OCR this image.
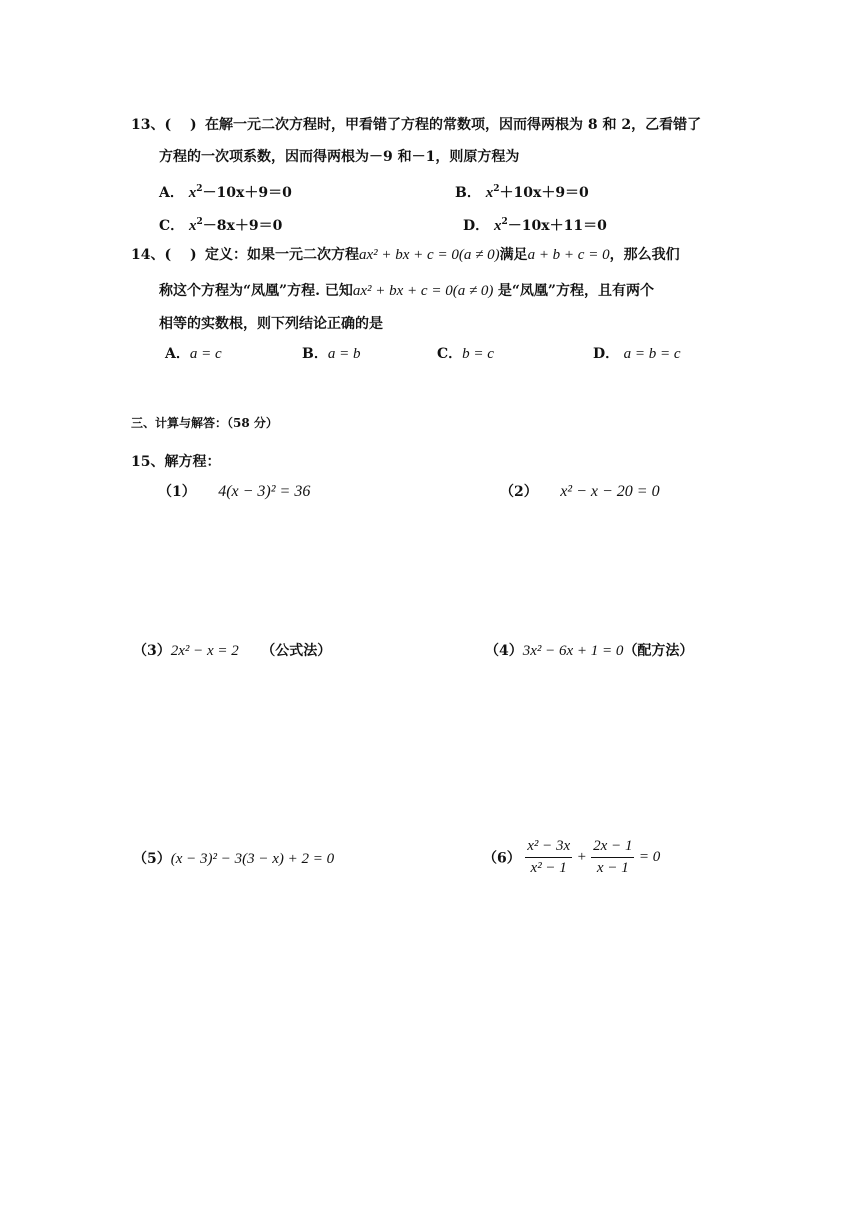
13、(　 ) 在解一元二次方程时，甲看错了方程的常数项，因而得两根为 8 和 2，乙看错了
方程的一次项系数，因而得两根为－9 和－1，则原方程为
A． $x^2-10x+9=0$	B． $x^2+10x+9=0$
C． $x^2-8x+9=0$	D． $x^2-10x+11=0$
14、(　 ) 定义：如果一元二次方程ax² + bx + c = 0(a ≠ 0)满足a + b + c = 0，那么我们
称这个方程为“凤凰”方程. 已知ax² + bx + c = 0(a ≠ 0) 是“凤凰”方程，且有两个
相等的实数根，则下列结论正确的是
A．a = c	B．a = b	C．b = c	D． a = b = c
三、计算与解答：（58 分）
15、解方程：
（1） 4(x − 3)² = 36	（2） x² − x − 20 = 0
（3）2x² − x = 2 （公式法）	（4）3x² − 6x + 1 = 0（配方法）
（5）(x − 3)² − 3(3 − x) + 2 = 0	$(6) \frac{\text{x² − 3x}}{\text{x² − 1}} + \frac{2x - 1}{x - 1} = 0$
